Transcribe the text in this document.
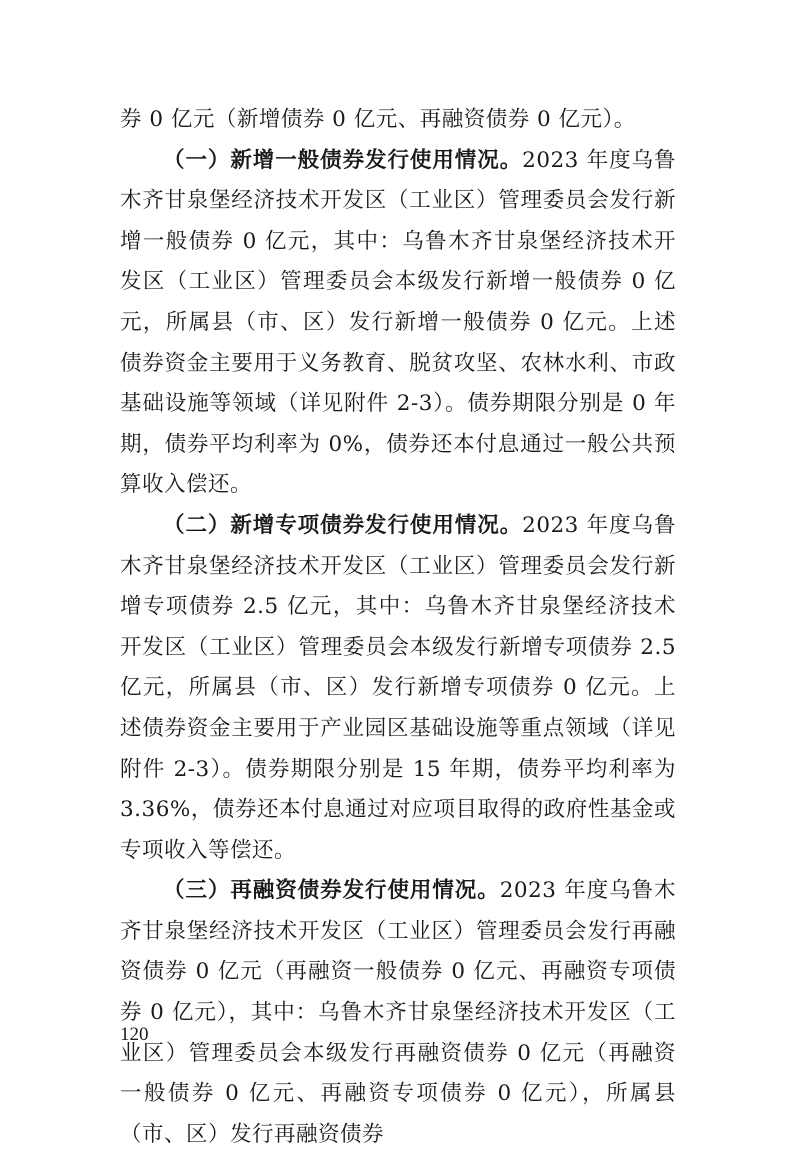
券 0 亿元（新增债券 0 亿元、再融资债券 0 亿元）。

（一）新增一般债券发行使用情况。2023 年度乌鲁木齐甘泉堡经济技术开发区（工业区）管理委员会发行新增一般债券 0 亿元，其中：乌鲁木齐甘泉堡经济技术开发区（工业区）管理委员会本级发行新增一般债券 0 亿元，所属县（市、区）发行新增一般债券 0 亿元。上述债券资金主要用于义务教育、脱贫攻坚、农林水利、市政基础设施等领域（详见附件 2-3）。债券期限分别是 0 年期，债券平均利率为 0%，债券还本付息通过一般公共预算收入偿还。

（二）新增专项债券发行使用情况。2023 年度乌鲁木齐甘泉堡经济技术开发区（工业区）管理委员会发行新增专项债券 2.5 亿元，其中：乌鲁木齐甘泉堡经济技术开发区（工业区）管理委员会本级发行新增专项债券 2.5 亿元，所属县（市、区）发行新增专项债券 0 亿元。上述债券资金主要用于产业园区基础设施等重点领域（详见附件 2-3）。债券期限分别是 15 年期，债券平均利率为 3.36%，债券还本付息通过对应项目取得的政府性基金或专项收入等偿还。

（三）再融资债券发行使用情况。2023 年度乌鲁木齐甘泉堡经济技术开发区（工业区）管理委员会发行再融资债券 0 亿元（再融资一般债券 0 亿元、再融资专项债券 0 亿元），其中：乌鲁木齐甘泉堡经济技术开发区（工业区）管理委员会本级发行再融资债券 0 亿元（再融资一般债券 0 亿元、再融资专项债券 0 亿元），所属县（市、区）发行再融资债券

120
